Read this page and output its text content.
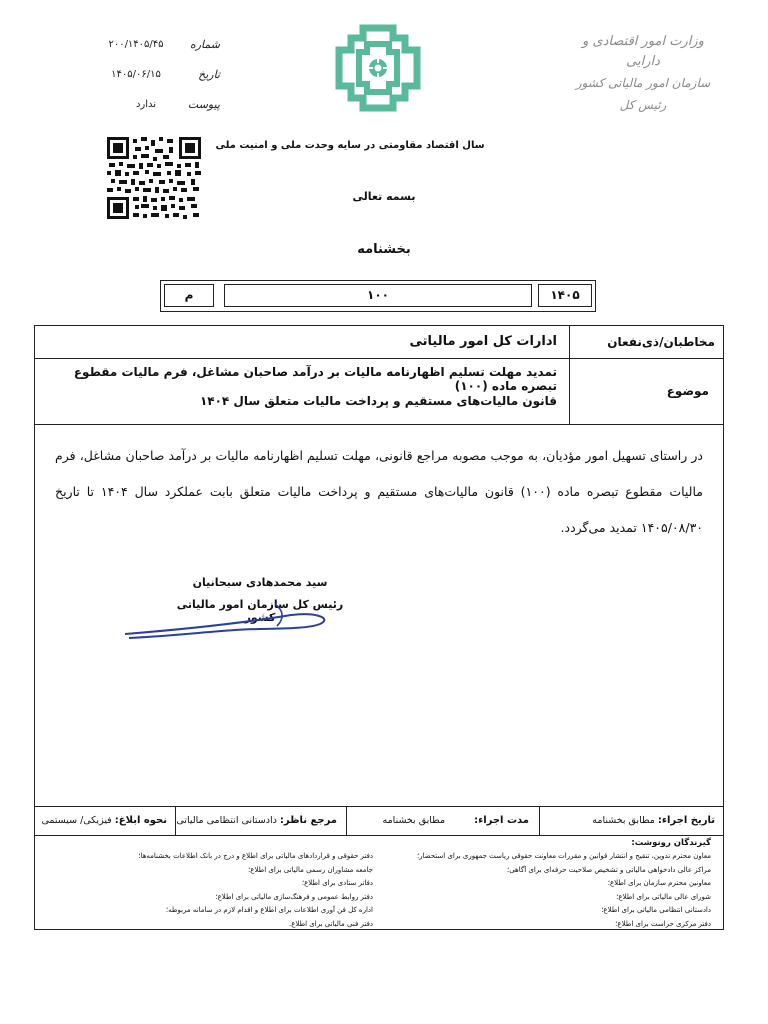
شماره
۲۰۰/۱۴۰۵/۴۵
تاریخ
۱۴۰۵/۰۶/۱۵
پیوست
ندارد
وزارت امور اقتصادی و دارایی
سازمان امور مالیاتی کشور
رئیس کل
سال اقتصاد مقاومتی در سایه وحدت ملی و امنیت ملی
بسمه تعالی
بخشنامه
۱۴۰۵
۱۰۰
م
مخاطبان/ذی‌نفعان
ادارات کل امور مالیاتی
موضوع
تمدید مهلت تسلیم اظهارنامه مالیات بر درآمد صاحبان مشاغل، فرم مالیات مقطوع تبصره ماده (۱۰۰)
قانون مالیات‌های مستقیم و پرداخت مالیات متعلق سال ۱۴۰۴
در راستای تسهیل امور مؤدیان، به موجب مصوبه مراجع قانونی، مهلت تسلیم اظهارنامه مالیات بر درآمد صاحبان مشاغل، فرم مالیات مقطوع تبصره ماده (۱۰۰) قانون مالیات‌های مستقیم و پرداخت مالیات متعلق بابت عملکرد سال ۱۴۰۴ تا تاریخ ۱۴۰۵/۰۸/۳۰ تمدید می‌گردد.
سید محمدهادی سبحانیان
رئیس کل سازمان امور مالیاتی کشور
تاریخ اجراء: مطابق بخشنامه
مدت اجراء: مطابق بخشنامه
مرجع ناظر: دادستانی انتظامی مالیاتی
نحوه ابلاغ: فیزیکی/ سیستمی
گیرندگان رونوشت:
معاون محترم تدوین، تنقیح و انتشار قوانین و مقررات معاونت حقوقی ریاست جمهوری برای استحضار؛
مراکز عالی دادخواهی مالیاتی و تشخیص صلاحیت حرفه‌ای برای آگاهی؛
معاونین محترم سازمان برای اطلاع؛
شورای عالی مالیاتی برای اطلاع؛
دادستانی انتظامی مالیاتی برای اطلاع؛
دفتر مرکزی حراست برای اطلاع؛
دفتر حقوقی و قراردادهای مالیاتی برای اطلاع و درج در بانک اطلاعات بخشنامه‌ها؛
جامعه مشاوران رسمی مالیاتی برای اطلاع؛
دفاتر ستادی برای اطلاع؛
دفتر روابط عمومی و فرهنگ‌سازی مالیاتی برای اطلاع؛
اداره کل فن آوری اطلاعات برای اطلاع و اقدام لازم در سامانه مربوطه؛
دفتر فنی مالیاتی برای اطلاع.
